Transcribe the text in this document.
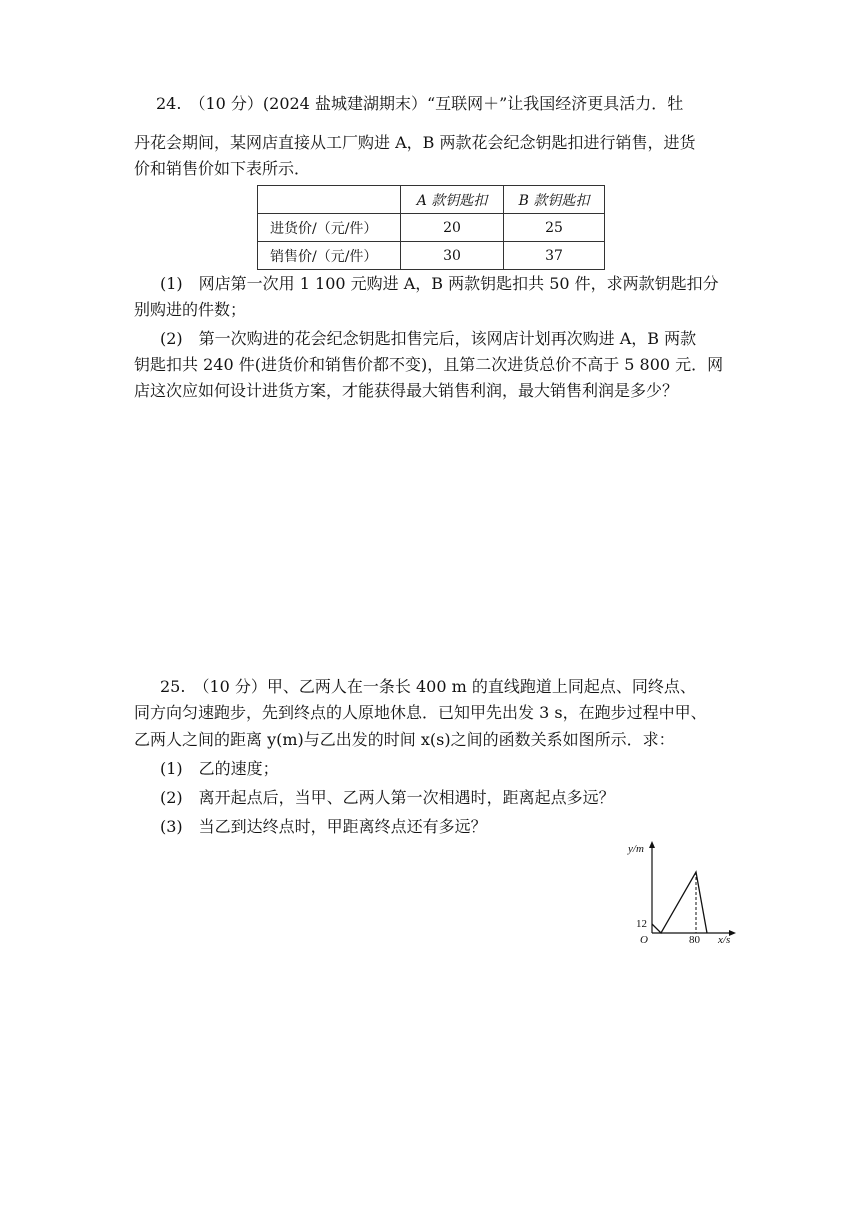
24.　（10 分）(2024 盐城建湖期末）“互联网＋”让我国经济更具活力．牡
丹花会期间，某网店直接从工厂购进 A，B 两款花会纪念钥匙扣进行销售，进货
价和销售价如下表所示．
	A 款钥匙扣	B 款钥匙扣
进货价/（元/件）	20	25
销售价/（元/件）	30	37
(1)　网店第一次用 1 100 元购进 A，B 两款钥匙扣共 50 件，求两款钥匙扣分
别购进的件数；
(2)　第一次购进的花会纪念钥匙扣售完后，该网店计划再次购进 A，B 两款
钥匙扣共 240 件(进货价和销售价都不变)，且第二次进货总价不高于 5 800 元．网
店这次应如何设计进货方案，才能获得最大销售利润，最大销售利润是多少？
25.　（10 分）甲、乙两人在一条长 400 m 的直线跑道上同起点、同终点、
同方向匀速跑步，先到终点的人原地休息．已知甲先出发 3 s，在跑步过程中甲、
乙两人之间的距离 y(m)与乙出发的时间 x(s)之间的函数关系如图所示．求：
(1)　乙的速度；
(2)　离开起点后，当甲、乙两人第一次相遇时，距离起点多远？
(3)　当乙到达终点时，甲距离终点还有多远？
y/m
12
O	80 x/s
